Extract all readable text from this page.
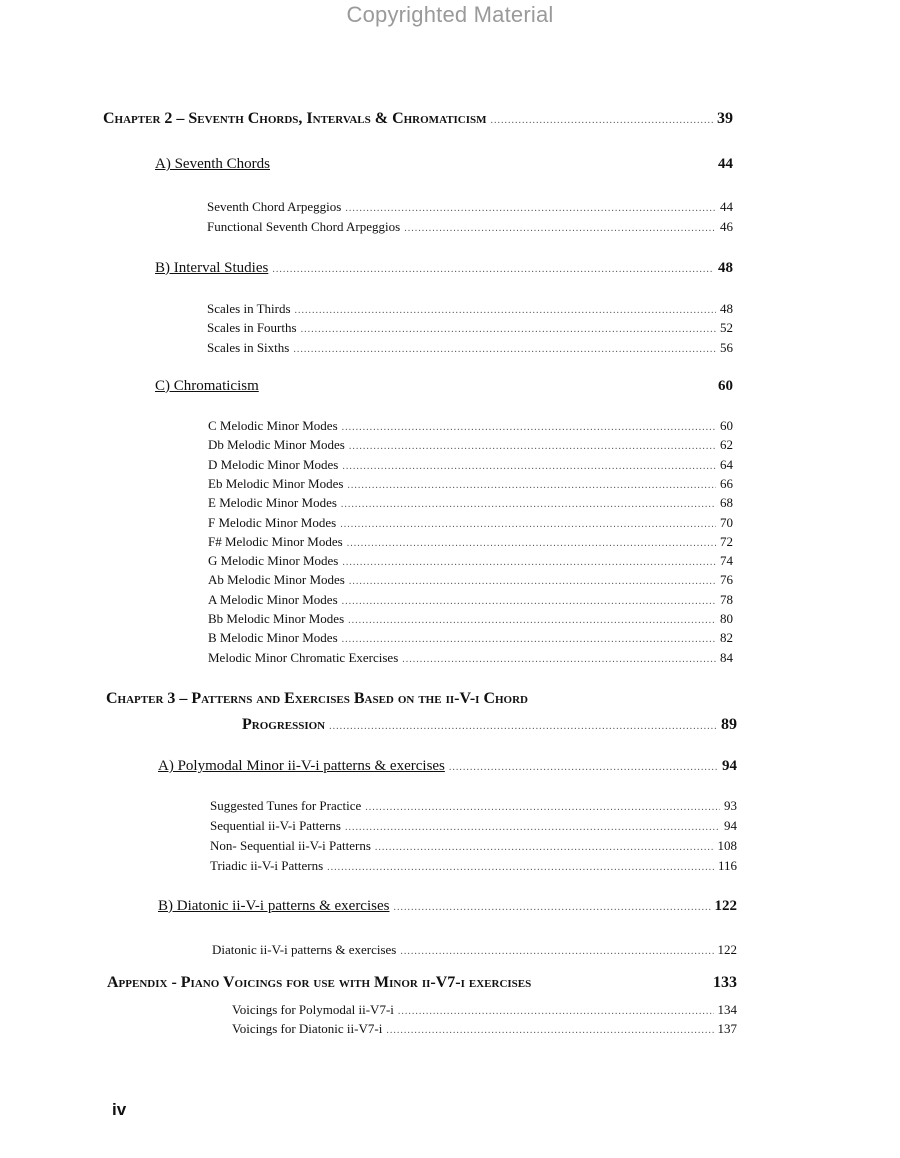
Copyrighted Material
Chapter 2 – Seventh Chords, Intervals & Chromaticism .....	39
A) Seventh Chords	44
Seventh Chord Arpeggios .....	44
Functional Seventh Chord Arpeggios .....	46
B) Interval Studies .....	48
Scales in Thirds .....	48
Scales in Fourths .....	52
Scales in Sixths .....	56
C) Chromaticism	60
C Melodic Minor Modes .....	60
Db Melodic Minor Modes .....	62
D Melodic Minor Modes .....	64
Eb Melodic Minor Modes .....	66
E Melodic Minor Modes .....	68
F Melodic Minor Modes .....	70
F# Melodic Minor Modes .....	72
G Melodic Minor Modes .....	74
Ab Melodic Minor Modes .....	76
A Melodic Minor Modes .....	78
Bb Melodic Minor Modes .....	80
B Melodic Minor Modes .....	82
Melodic Minor Chromatic Exercises .....	84
Chapter 3 – Patterns and Exercises Based on the ii-V-i Chord
Progression .....	89
A) Polymodal Minor ii-V-i patterns & exercises .....	94
Suggested Tunes for Practice .....	93
Sequential ii-V-i Patterns .....	94
Non- Sequential ii-V-i Patterns .....	108
Triadic ii-V-i Patterns .....	116
B) Diatonic ii-V-i patterns & exercises .....	122
Diatonic ii-V-i patterns & exercises .....	122
Appendix - Piano Voicings for use with Minor ii-V7-i exercises	133
Voicings for Polymodal ii-V7-i .....	134
Voicings for Diatonic ii-V7-i .....	137
iv
